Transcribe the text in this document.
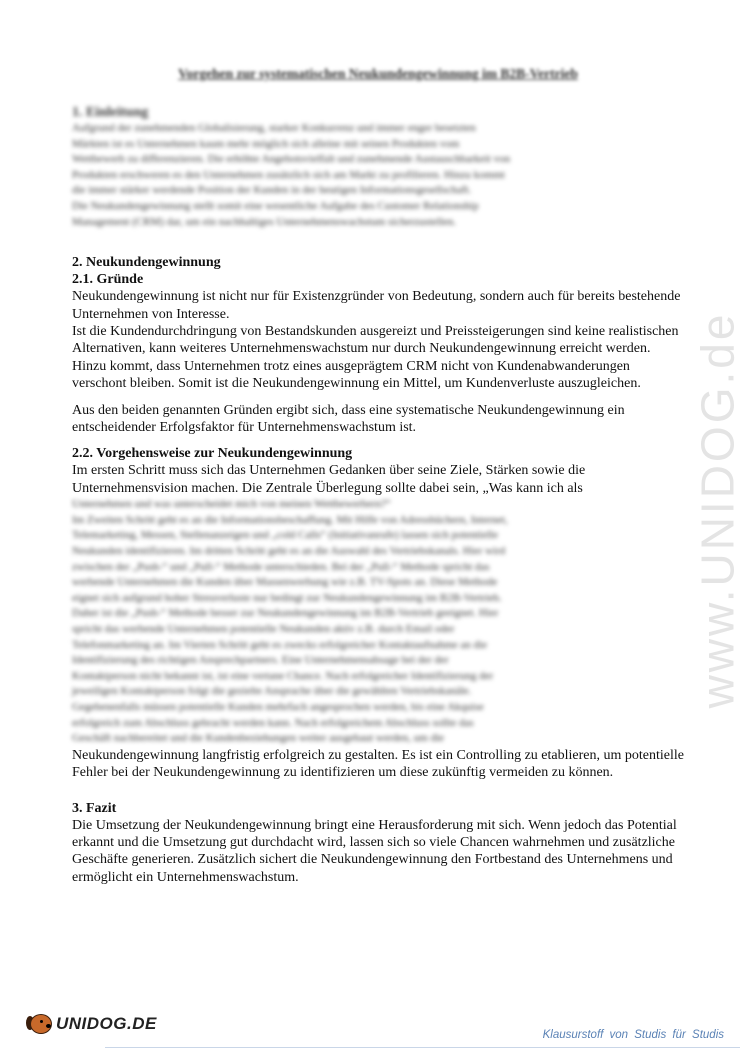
www.UNIDOG.de
Vorgehen zur systematischen Neukundengewinnung im B2B-Vertrieb
1. Einleitung

Aufgrund der zunehmenden Globalisierung, starker Konkurrenz und immer enger besetzten

Märkten ist es Unternehmen kaum mehr möglich sich alleine mit seinen Produkten vom

Wettbewerb zu differenzieren. Die erhöhte Angebotsvielfalt und zunehmende Austauschbarkeit von

Produkten erschweren es den Unternehmen zusätzlich sich am Markt zu profilieren. Hinzu kommt

die immer stärker werdende Position der Kunden in der heutigen Informationsgesellschaft.

Die Neukundengewinnung stellt somit eine wesentliche Aufgabe des Customer Relationship

Management (CRM) dar, um ein nachhaltiges Unternehmenswachstum sicherzustellen.

2. Neukundengewinnung
2.1. Gründe

Neukundengewinnung ist nicht nur für Existenzgründer von Bedeutung, sondern auch für bereits bestehende Unternehmen von Interesse.

Ist die Kundendurchdringung von Bestandskunden ausgereizt und Preissteigerungen sind keine realistischen Alternativen, kann weiteres Unternehmenswachstum nur durch Neukundengewinnung erreicht werden. Hinzu kommt, dass Unternehmen trotz eines ausgeprägtem CRM nicht von Kundenabwanderungen verschont bleiben. Somit ist die Neukundengewinnung ein Mittel, um Kundenverluste auszugleichen.

Aus den beiden genannten Gründen ergibt sich, dass eine systematische Neukundengewinnung ein entscheidender Erfolgsfaktor für Unternehmenswachstum ist.

2.2. Vorgehensweise zur Neukundengewinnung

Im ersten Schritt muss sich das Unternehmen Gedanken über seine Ziele, Stärken sowie die Unternehmensvision machen. Die Zentrale Überlegung sollte dabei sein, „Was kann ich als

Unternehmen und was unterscheidet mich von meinen Wettbewerbern?“

Im Zweiten Schritt geht es an die Informationsbeschaffung. Mit Hilfe von Adressbüchern, Internet,

Telemarketing, Messen, Stellenanzeigen und „cold Calls“ (Initiativanrufe) lassen sich potentielle

Neukunden identifizieren. Im dritten Schritt geht es an die Auswahl des Vertriebskanals. Hier wird

zwischen der „Push-“ und „Pull-“ Methode unterschieden. Bei der „Pull-“ Methode spricht das

werbende Unternehmen die Kunden über Massenwerbung wie z.B. TV-Spots an. Diese Methode

eignet sich aufgrund hoher Streuverluste nur bedingt zur Neukundengewinnung im B2B-Vertrieb.

Daher ist die „Push-“ Methode besser zur Neukundengewinnung im B2B-Vertrieb geeignet. Hier

spricht das werbende Unternehmen potentielle Neukunden aktiv z.B. durch Email oder

Telefonmarketing an. Im Vierten Schritt geht es zwecks erfolgreicher Kontaktaufnahme an die

Identifizierung des richtigen Ansprechpartners. Eine Unternehmensabsage bei der der

Kontaktperson nicht bekannt ist, ist eine vertane Chance. Nach erfolgreicher Identifizierung der

jeweiligen Kontaktperson folgt die gezielte Ansprache über die gewählten Vertriebskanäle.

Gegebenenfalls müssen potentielle Kunden mehrfach angesprochen werden, bis eine Akquise

erfolgreich zum Abschluss gebracht werden kann. Nach erfolgreichem Abschluss sollte das

Geschäft nachbereitet und die Kundenbeziehungen weiter ausgebaut werden, um die

Neukundengewinnung langfristig erfolgreich zu gestalten. Es ist ein Controlling zu etablieren, um potentielle Fehler bei der Neukundengewinnung zu identifizieren um diese zukünftig vermeiden zu können.

3. Fazit

Die Umsetzung der Neukundengewinnung bringt eine Herausforderung mit sich. Wenn jedoch das Potential erkannt und die Umsetzung gut durchdacht wird, lassen sich so viele Chancen wahrnehmen und zusätzliche Geschäfte generieren. Zusätzlich sichert die Neukundengewinnung den Fortbestand des Unternehmens und ermöglicht ein Unternehmenswachstum.

UNIDOG.DE
Klausurstoff von Studis für Studis
